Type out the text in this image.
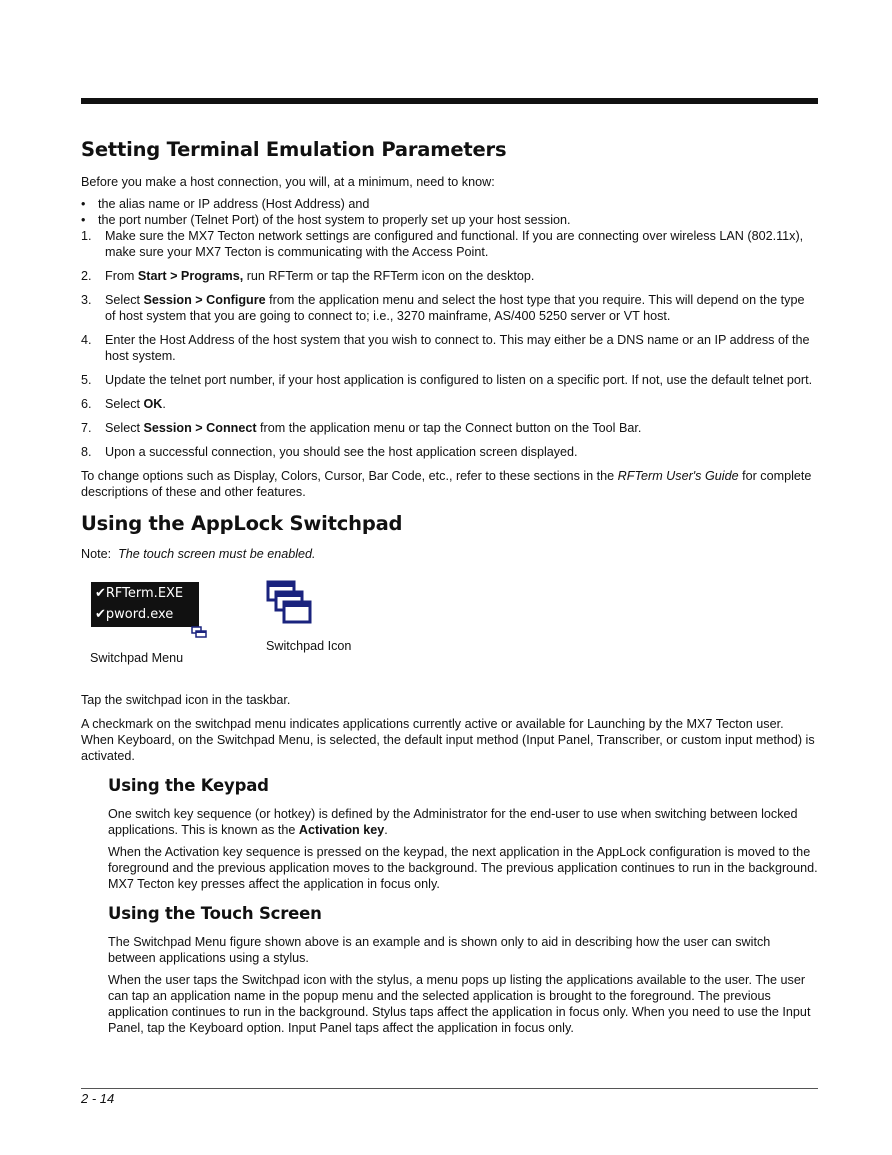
Setting Terminal Emulation Parameters

Before you make a host connection, you will, at a minimum, need to know:

• the alias name or IP address (Host Address) and
• the port number (Telnet Port) of the host system to properly set up your host session.
1. Make sure the MX7 Tecton network settings are configured and functional. If you are connecting over wireless LAN (802.11x), make sure your MX7 Tecton is communicating with the Access Point.
2. From Start > Programs, run RFTerm or tap the RFTerm icon on the desktop.
3. Select Session > Configure from the application menu and select the host type that you require. This will depend on the type of host system that you are going to connect to; i.e., 3270 mainframe, AS/400 5250 server or VT host.
4. Enter the Host Address of the host system that you wish to connect to. This may either be a DNS name or an IP address of the host system.
5. Update the telnet port number, if your host application is configured to listen on a specific port. If not, use the default telnet port.
6. Select OK.
7. Select Session > Connect from the application menu or tap the Connect button on the Tool Bar.
8. Upon a successful connection, you should see the host application screen displayed.

To change options such as Display, Colors, Cursor, Bar Code, etc., refer to these sections in the RFTerm User's Guide for complete descriptions of these and other features.

Using the AppLock Switchpad

Note: The touch screen must be enabled.

✔RFTerm.EXE
✔pword.exe
Switchpad Menu
Switchpad Icon

Tap the switchpad icon in the taskbar.

A checkmark on the switchpad menu indicates applications currently active or available for Launching by the MX7 Tecton user. When Keyboard, on the Switchpad Menu, is selected, the default input method (Input Panel, Transcriber, or custom input method) is activated.

Using the Keypad

One switch key sequence (or hotkey) is defined by the Administrator for the end-user to use when switching between locked applications. This is known as the Activation key.

When the Activation key sequence is pressed on the keypad, the next application in the AppLock configuration is moved to the foreground and the previous application moves to the background. The previous application continues to run in the background. MX7 Tecton key presses affect the application in focus only.

Using the Touch Screen

The Switchpad Menu figure shown above is an example and is shown only to aid in describing how the user can switch between applications using a stylus.

When the user taps the Switchpad icon with the stylus, a menu pops up listing the applications available to the user. The user can tap an application name in the popup menu and the selected application is brought to the foreground. The previous application continues to run in the background. Stylus taps affect the application in focus only. When you need to use the Input Panel, tap the Keyboard option. Input Panel taps affect the application in focus only.

2 - 14
